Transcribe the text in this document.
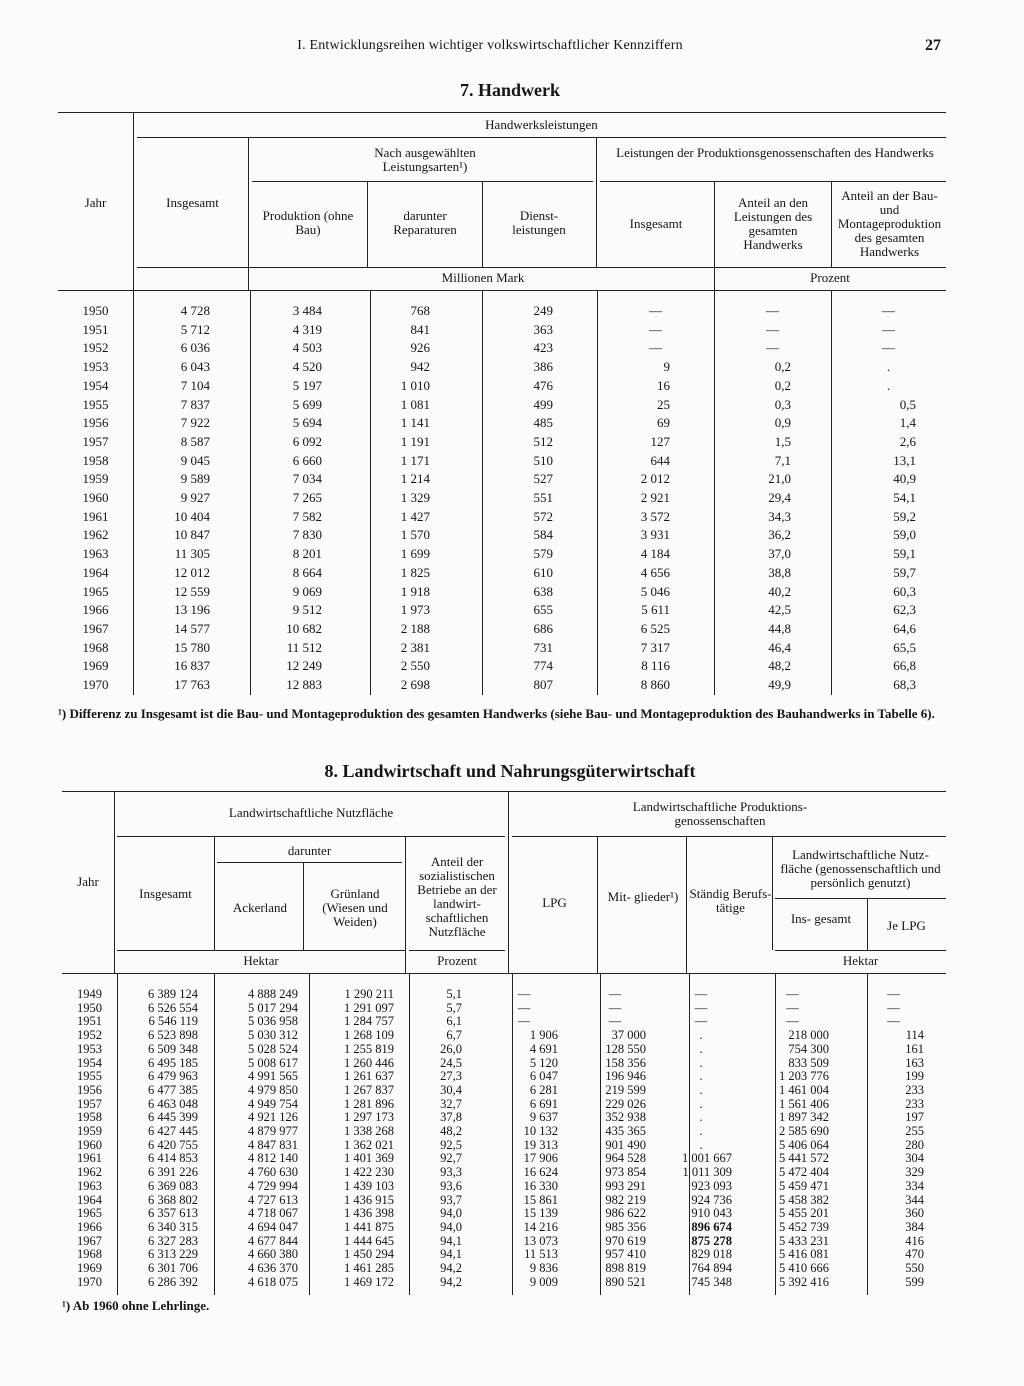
I. Entwicklungsreihen wichtiger volkswirtschaftlicher Kennziffern	27
7. Handwerk
Jahr
Handwerksleistungen
Insgesamt
Nach ausgewählten Leistungsarten¹)
Produktion (ohne Bau)
darunter Reparaturen
Dienst- leistungen
Leistungen der Produktionsgenossenschaften des Handwerks
Insgesamt
Anteil an den Leistungen des gesamten Handwerks
Anteil an der Bau- und Montageproduktion des gesamten Handwerks
Millionen Mark	Prozent
1950	4 728	3 484	768	249	—	—	—
1951	5 712	4 319	841	363	—	—	—
1952	6 036	4 503	926	423	—	—	—
1953	6 043	4 520	942	386	9	0,2	.
1954	7 104	5 197	1 010	476	16	0,2	.
1955	7 837	5 699	1 081	499	25	0,3	0,5
1956	7 922	5 694	1 141	485	69	0,9	1,4
1957	8 587	6 092	1 191	512	127	1,5	2,6
1958	9 045	6 660	1 171	510	644	7,1	13,1
1959	9 589	7 034	1 214	527	2 012	21,0	40,9
1960	9 927	7 265	1 329	551	2 921	29,4	54,1
1961	10 404	7 582	1 427	572	3 572	34,3	59,2
1962	10 847	7 830	1 570	584	3 931	36,2	59,0
1963	11 305	8 201	1 699	579	4 184	37,0	59,1
1964	12 012	8 664	1 825	610	4 656	38,8	59,7
1965	12 559	9 069	1 918	638	5 046	40,2	60,3
1966	13 196	9 512	1 973	655	5 611	42,5	62,3
1967	14 577	10 682	2 188	686	6 525	44,8	64,6
1968	15 780	11 512	2 381	731	7 317	46,4	65,5
1969	16 837	12 249	2 550	774	8 116	48,2	66,8
1970	17 763	12 883	2 698	807	8 860	49,9	68,3
¹) Differenz zu Insgesamt ist die Bau- und Montageproduktion des gesamten Handwerks (siehe Bau- und Montageproduktion des Bauhandwerks in Tabelle 6).
8. Landwirtschaft und Nahrungsgüterwirtschaft
Jahr
Landwirtschaftliche Nutzfläche
Insgesamt
darunter
Ackerland
Grünland (Wiesen und Weiden)
Anteil der sozialistischen Betriebe an der landwirt- schaftlichen Nutzfläche
Landwirtschaftliche Produktions- genossenschaften
LPG	Mit- glieder¹) Ständig Berufs- tätige
Landwirtschaftliche Nutz- fläche (genossenschaftlich und persönlich genutzt)
Ins- gesamt	Je LPG
Hektar	Prozent	Hektar
1949	6 389 124	4 888 249	1 290 211	5,1	—	—	—	—	—
1950	6 526 554	5 017 294	1 291 097	5,7	—	—	—	—	—
1951	6 546 119	5 036 958	1 284 757	6,1	—	—	—	—	—
1952	6 523 898	5 030 312	1 268 109	6,7	1 906	37 000	.	218 000	114
1953	6 509 348	5 028 524	1 255 819	26,0	4 691	128 550	.	754 300	161
1954	6 495 185	5 008 617	1 260 446	24,5	5 120	158 356	.	833 509	163
1955	6 479 963	4 991 565	1 261 637	27,3	6 047	196 946	.	1 203 776	199
1956	6 477 385	4 979 850	1 267 837	30,4	6 281	219 599	.	1 461 004	233
1957	6 463 048	4 949 754	1 281 896	32,7	6 691	229 026	.	1 561 406	233
1958	6 445 399	4 921 126	1 297 173	37,8	9 637	352 938	.	1 897 342	197
1959	6 427 445	4 879 977	1 338 268	48,2	10 132	435 365	.	2 585 690	255
1960	6 420 755	4 847 831	1 362 021	92,5	19 313	901 490	.	5 406 064	280
1961	6 414 853	4 812 140	1 401 369	92,7	17 906	964 528	1 001 667	5 441 572	304
1962	6 391 226	4 760 630	1 422 230	93,3	16 624	973 854	1 011 309	5 472 404	329
1963	6 369 083	4 729 994	1 439 103	93,6	16 330	993 291	923 093	5 459 471	334
1964	6 368 802	4 727 613	1 436 915	93,7	15 861	982 219	924 736	5 458 382	344
1965	6 357 613	4 718 067	1 436 398	94,0	15 139	986 622	910 043	5 455 201	360
1966	6 340 315	4 694 047	1 441 875	94,0	14 216	985 356	896 674	5 452 739	384
1967	6 327 283	4 677 844	1 444 645	94,1	13 073	970 619	875 278	5 433 231	416
1968	6 313 229	4 660 380	1 450 294	94,1	11 513	957 410	829 018	5 416 081	470
1969	6 301 706	4 636 370	1 461 285	94,2	9 836	898 819	764 894	5 410 666	550
1970	6 286 392	4 618 075	1 469 172	94,2	9 009	890 521	745 348	5 392 416	599
¹) Ab 1960 ohne Lehrlinge.
